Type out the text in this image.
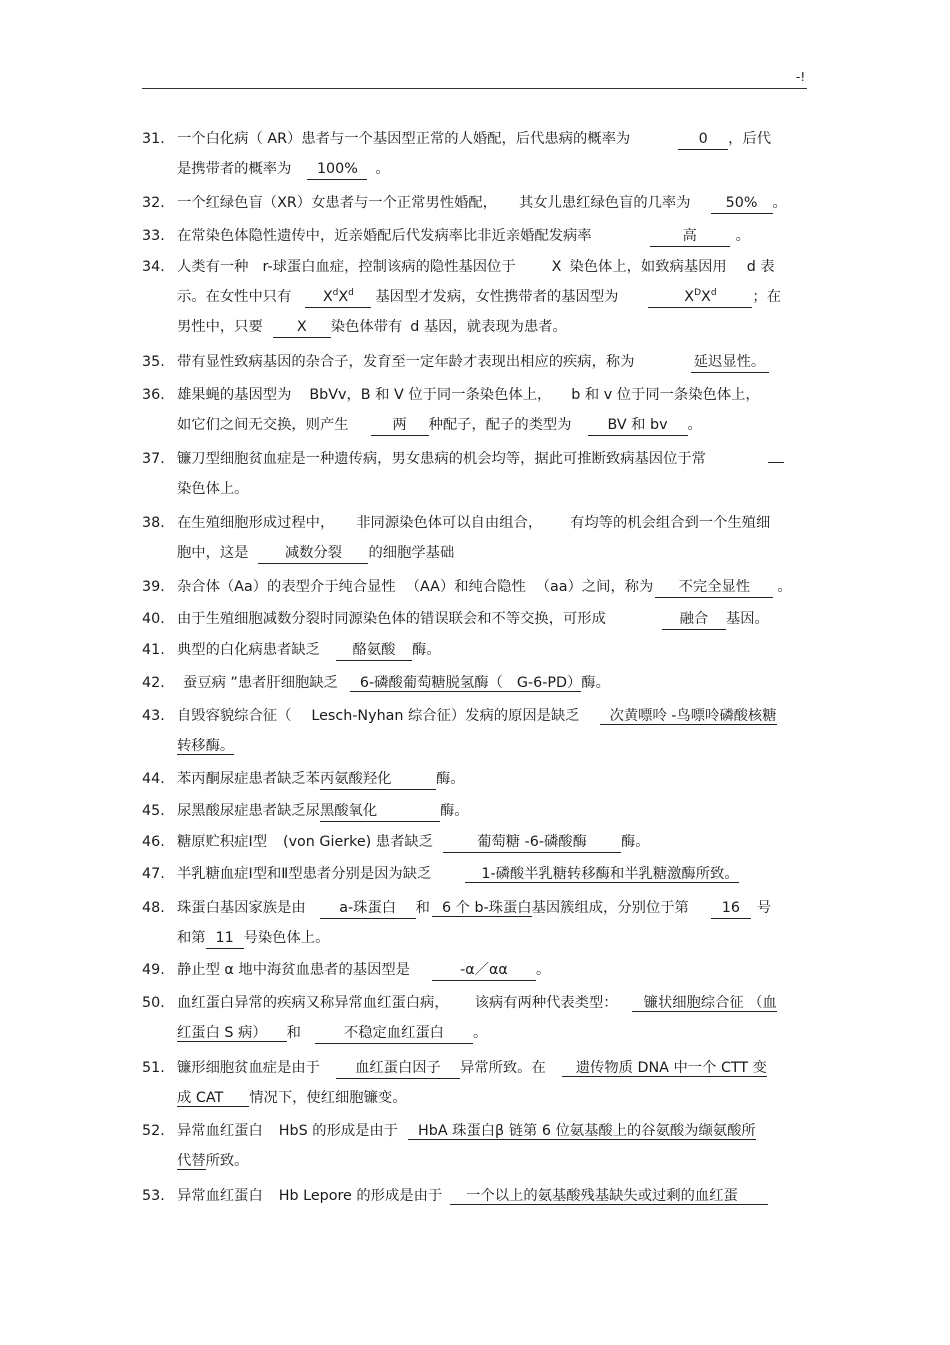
-!
31. 一个白化病（ AR）患者与一个基因型正常的人婚配，后代患病的概率为	0 ，后代
是携带者的概率为 100% 。
32. 一个红绿色盲（XR）女患者与一个正常男性婚配， 其女儿患红绿色盲的几率为 50% 。
33. 在常染色体隐性遗传中，近亲婚配后代发病率比非近亲婚配发病率	高	。
34. 人类有一种 r-球蛋白血症，控制该病的隐性基因位于	X 染色体上，如致病基因用 d 表
示。在女性中只有 $X^dX^d$ 基因型才发病，女性携带者的基因型为	$X^DX^d$	；在
男性中，只要 X 染色体带有 d 基因，就表现为患者。
35. 带有显性致病基因的杂合子，发育至一定年龄才表现出相应的疾病，称为	延迟显性。
36. 雄果蝇的基因型为 BbVv，B 和 V 位于同一条染色体上， b 和 v 位于同一条染色体上，
如它们之间无交换，则产生	两 种配子，配子的类型为	BV 和 bv 。
37. 镰刀型细胞贫血症是一种遗传病，男女患病的机会均等，据此可推断致病基因位于常
染色体上。
38. 在生殖细胞形成过程中， 非同源染色体可以自由组合， 有均等的机会组合到一个生殖细
胞中，这是	减数分裂 的细胞学基础
39. 杂合体（Aa）的表型介于纯合显性 （AA）和纯合隐性 （aa）之间，称为 不完全显性 。
40. 由于生殖细胞减数分裂时同源染色体的错误联会和不等交换，可形成	融合 基因。
41. 典型的白化病患者缺乏 酪氨酸 酶。
42.	蚕豆病 ”患者肝细胞缺乏 6-磷酸葡萄糖脱氢酶（ G-6-PD）酶。
43. 自毁容貌综合征（ Lesch-Nyhan 综合征）发病的原因是缺乏 次黄嘌呤 -鸟嘌呤磷酸核糖
转移酶。
44. 苯丙酮尿症患者缺乏苯丙氨酸羟化	酶。
45. 尿黑酸尿症患者缺乏尿黑酸氧化	酶。
46. 糖原贮积症Ⅰ型 (von Gierke) 患者缺乏	葡萄糖 -6-磷酸酶 酶。
47. 半乳糖血症Ⅰ型和Ⅱ型患者分别是因为缺乏	1-磷酸半乳糖转移酶和半乳糖激酶所致。
48. 珠蛋白基因家族是由 a-珠蛋白 和 6 个 b-珠蛋白基因簇组成，分别位于第 16 号
和第 11 号染色体上。
49. 静止型 α 地中海贫血患者的基因型是	-α／αα 。
50. 血红蛋白异常的疾病又称异常血红蛋白病， 该病有两种代表类型： 镰状细胞综合征 （血
红蛋白 S 病） 和	不稳定血红蛋白 。
51. 镰形细胞贫血症是由于 血红蛋白因子 异常所致。在 遗传物质 DNA 中一个 CTT 变
成 CAT 情况下，使红细胞镰变。
52. 异常血红蛋白 HbS 的形成是由于 HbA 珠蛋白β 链第 6 位氨基酸上的谷氨酸为缬氨酸所
代替所致。
53. 异常血红蛋白 Hb Lepore 的形成是由于 一个以上的氨基酸残基缺失或过剩的血红蛋
